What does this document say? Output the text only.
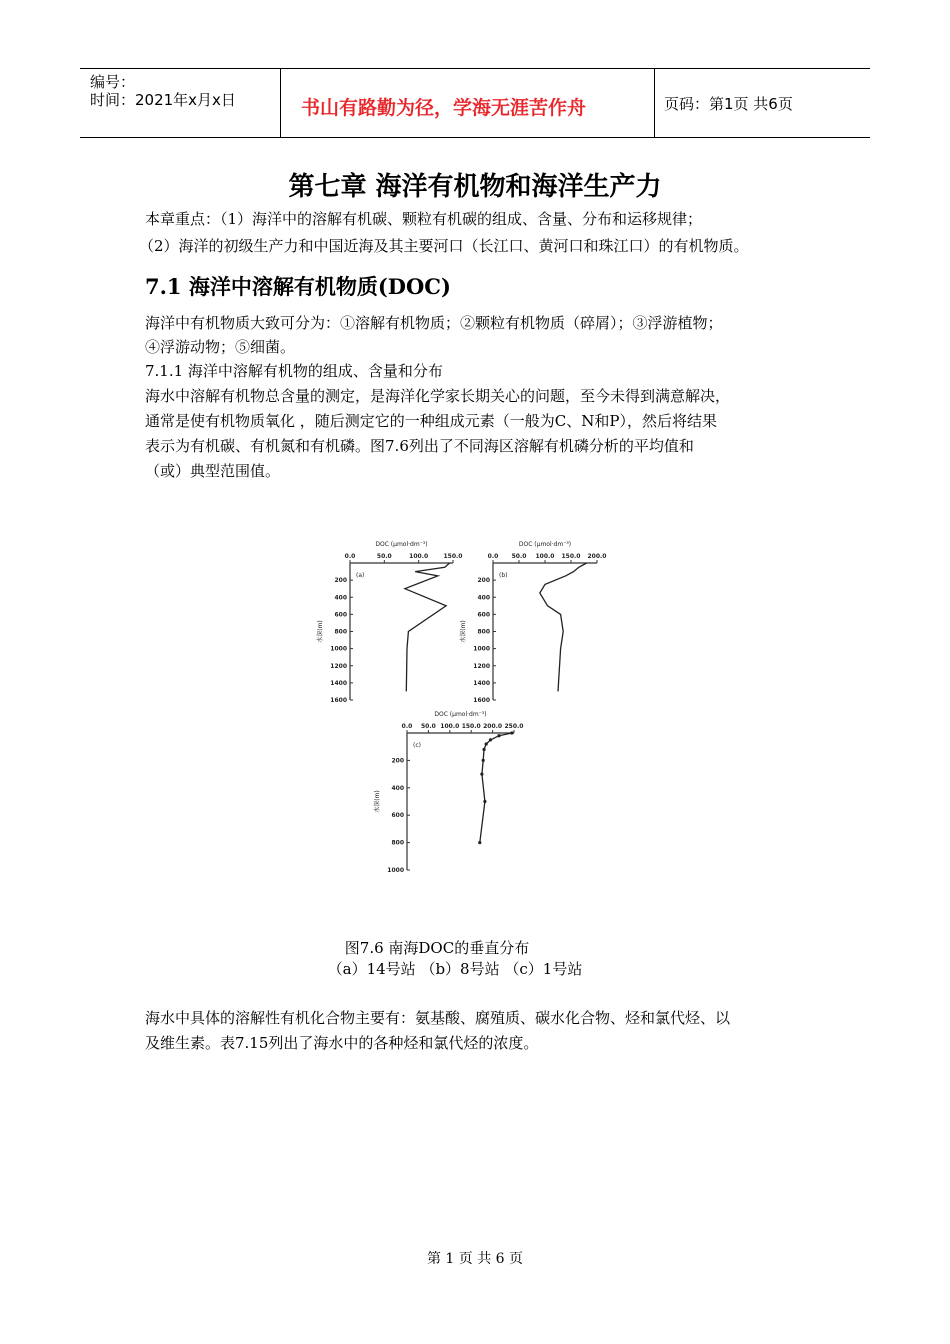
编号：
时间：2021年x月x日	书山有路勤为径，学海无涯苦作舟	页码：第1页 共6页
第七章 海洋有机物和海洋生产力
本章重点：（1）海洋中的溶解有机碳、颗粒有机碳的组成、含量、分布和运移规律；
（2）海洋的初级生产力和中国近海及其主要河口（长江口、黄河口和珠江口）的有机物质。
7.1 海洋中溶解有机物质(DOC)
海洋中有机物质大致可分为：①溶解有机物质；②颗粒有机物质（碎屑）；③浮游植物；
④浮游动物；⑤细菌。
7.1.1 海洋中溶解有机物的组成、含量和分布
海水中溶解有机物总含量的测定，是海洋化学家长期关心的问题，至今未得到满意解决，
通常是使有机物质氧化 ，随后测定它的一种组成元素（一般为C、N和P），然后将结果
表示为有机碳、有机氮和有机磷。图7.6列出了不同海区溶解有机磷分析的平均值和
（或）典型范围值。
DOC (μmol·dm⁻³)
0.0	50.0	100.0	150.0
200
400
600
800
1000
1200
1400
1600
水深(m)
(a)
DOC (μmol·dm⁻³)
0.0 50.0 100.0 150.0 200.0
200
400
600
800
1000
1200
1400
1600
水深(m)
(b)
DOC (μmol·dm⁻³)
0.0 50.0 100.0 150.0 200.0 250.0
200
400
600
800
1000
水深(m)
(c)
图7.6 南海DOC的垂直分布
（a）14号站 （b）8号站 （c）1号站
海水中具体的溶解性有机化合物主要有：氨基酸、腐殖质、碳水化合物、烃和氯代烃、以
及维生素。表7.15列出了海水中的各种烃和氯代烃的浓度。
第 1 页 共 6 页
